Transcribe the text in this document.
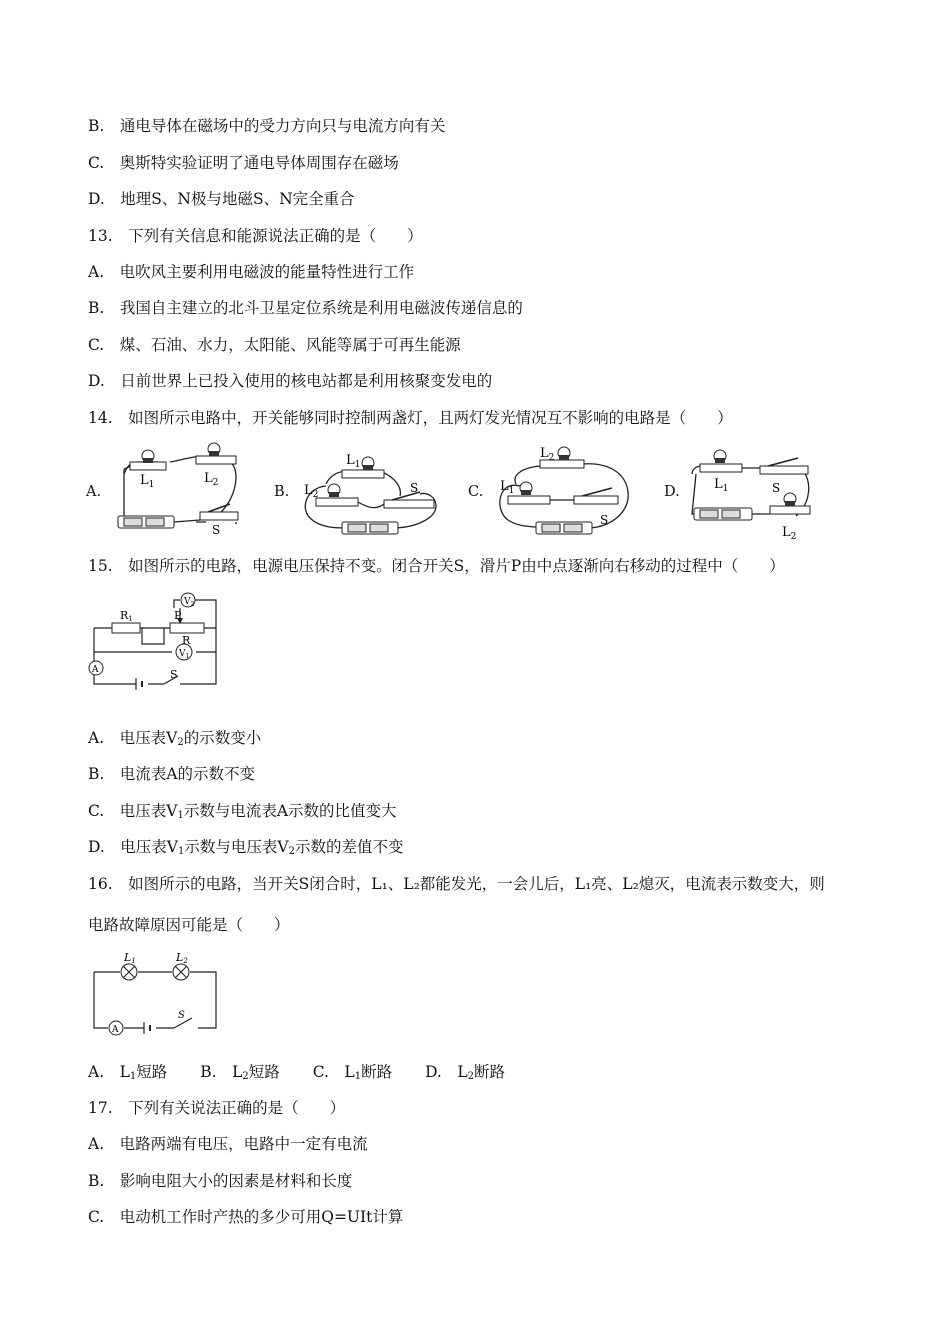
B.　通电导体在磁场中的受力方向只与电流方向有关
C.　奥斯特实验证明了通电导体周围存在磁场
D.　地理S、N极与地磁S、N完全重合
13.　下列有关信息和能源说法正确的是（　　）
A.　电吹风主要利用电磁波的能量特性进行工作
B.　我国自主建立的北斗卫星定位系统是利用电磁波传递信息的
C.　煤、石油、水力，太阳能、风能等属于可再生能源
D.　日前世界上已投入使用的核电站都是利用核聚变发电的
14.　如图所示电路中，开关能够同时控制两盏灯，且两灯发光情况互不影响的电路是（　　）
A.
$L_1$	$L_2$
S
B.
$L_1$
$L_2$	S	C.
$L_2$
$L_1$
S
D.	$L_1$	S
$L_2$
15.　如图所示的电路，电源电压保持不变。闭合开关S，滑片P由中点逐渐向右移动的过程中（　　）
R1	P
R
$V_2$
$V_1$
A	S
A.　电压表$V_2$的示数变小
B.　电流表A的示数不变
C.　电压表$V_1$示数与电流表A示数的比值变大
D.　电压表$V_1$示数与电压表$V_2$示数的差值不变
16.　如图所示的电路，当开关S闭合时，L₁、L₂都能发光，一会儿后，L₁亮、L₂熄灭，电流表示数变大，则
电路故障原因可能是（　　）
L1	L2
A
S
A.　$L_1$短路 B.　$L_2$短路 C.　$L_1$断路 D.　$L_2$断路
17.　下列有关说法正确的是（　　）
A.　电路两端有电压，电路中一定有电流
B.　影响电阻大小的因素是材料和长度
C.　电动机工作时产热的多少可用Q=UIt计算
